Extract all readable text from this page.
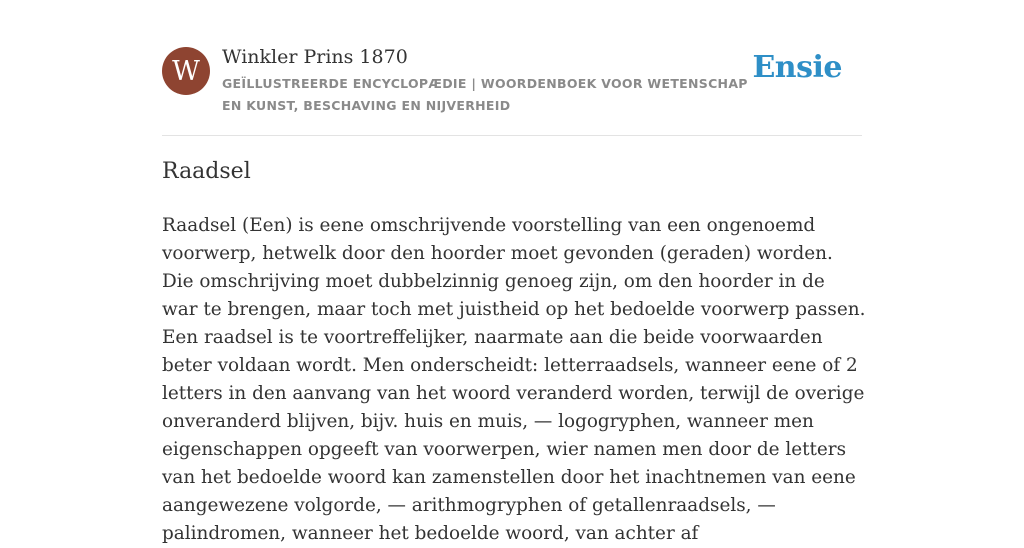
W Winkler Prins 1870
GEÏLLUSTREERDE ENCYCLOPÆDIE | WOORDENBOEK VOOR WETENSCHAP EN KUNST, BESCHAVING EN NIJVERHEID
Ensie
Raadsel

Raadsel (Een) is eene omschrijvende voorstelling van een ongenoemd voorwerp, hetwelk door den hoorder moet gevonden (geraden) worden. Die omschrijving moet dubbelzinnig genoeg zijn, om den hoorder in de war te brengen, maar toch met juistheid op het bedoelde voorwerp passen. Een raadsel is te voortreffelijker, naarmate aan die beide voorwaarden beter voldaan wordt. Men onderscheidt: letterraadsels, wanneer eene of 2 letters in den aanvang van het woord veranderd worden, terwijl de overige onveranderd blijven, bijv. huis en muis, — logogryphen, wanneer men eigenschappen opgeeft van voorwerpen, wier namen men door de letters van het bedoelde woord kan zamenstellen door het inachtnemen van eene aangewezene volgorde, — arithmogryphen of getallenraadsels, — palindromen, wanneer het bedoelde woord, van achter af
